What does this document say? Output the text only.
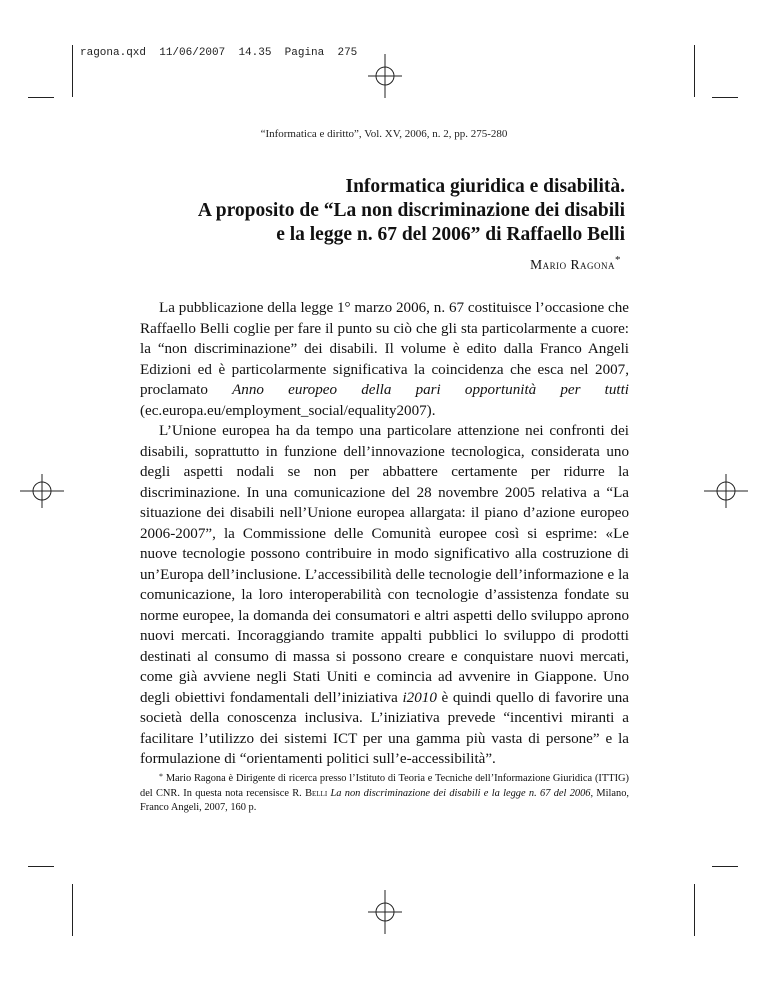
ragona.qxd 11/06/2007 14.35 Pagina 275
“Informatica e diritto”, Vol. XV, 2006, n. 2, pp. 275-280
Informatica giuridica e disabilità.
A proposito de “La non discriminazione dei disabili
e la legge n. 67 del 2006” di Raffaello Belli
Mario Ragona*

La pubblicazione della legge 1° marzo 2006, n. 67 costituisce l’occasione che Raffaello Belli coglie per fare il punto su ciò che gli sta particolarmente a cuore: la “non discriminazione” dei disabili. Il volume è edito dalla Franco Angeli Edizioni ed è particolarmente significativa la coincidenza che esca nel 2007, proclamato Anno europeo della pari opportunità per tutti (ec.europa.eu/employment_social/equality2007).

L’Unione europea ha da tempo una particolare attenzione nei confronti dei disabili, soprattutto in funzione dell’innovazione tecnologica, considerata uno degli aspetti nodali se non per abbattere certamente per ridurre la discriminazione. In una comunicazione del 28 novembre 2005 relativa a “La situazione dei disabili nell’Unione europea allargata: il piano d’azione europeo 2006-2007”, la Commissione delle Comunità europee così si esprime: «Le nuove tecnologie possono contribuire in modo significativo alla costruzione di un’Europa dell’inclusione. L’accessibilità delle tecnologie dell’informazione e la comunicazione, la loro interoperabilità con tecnologie d’assistenza fondate su norme europee, la domanda dei consumatori e altri aspetti dello sviluppo aprono nuovi mercati. Incoraggiando tramite appalti pubblici lo sviluppo di prodotti destinati al consumo di massa si possono creare e conquistare nuovi mercati, come già avviene negli Stati Uniti e comincia ad avvenire in Giappone. Uno degli obiettivi fondamentali dell’iniziativa i2010 è quindi quello di favorire una società della conoscenza inclusiva. L’iniziativa prevede “incentivi miranti a facilitare l’utilizzo dei sistemi ICT per una gamma più vasta di persone” e la formulazione di “orientamenti politici sull’e-accessibilità”.

* Mario Ragona è Dirigente di ricerca presso l’Istituto di Teoria e Tecniche dell’Informazione Giuridica (ITTIG) del CNR. In questa nota recensisce R. Belli La non discriminazione dei disabili e la legge n. 67 del 2006, Milano, Franco Angeli, 2007, 160 p.
